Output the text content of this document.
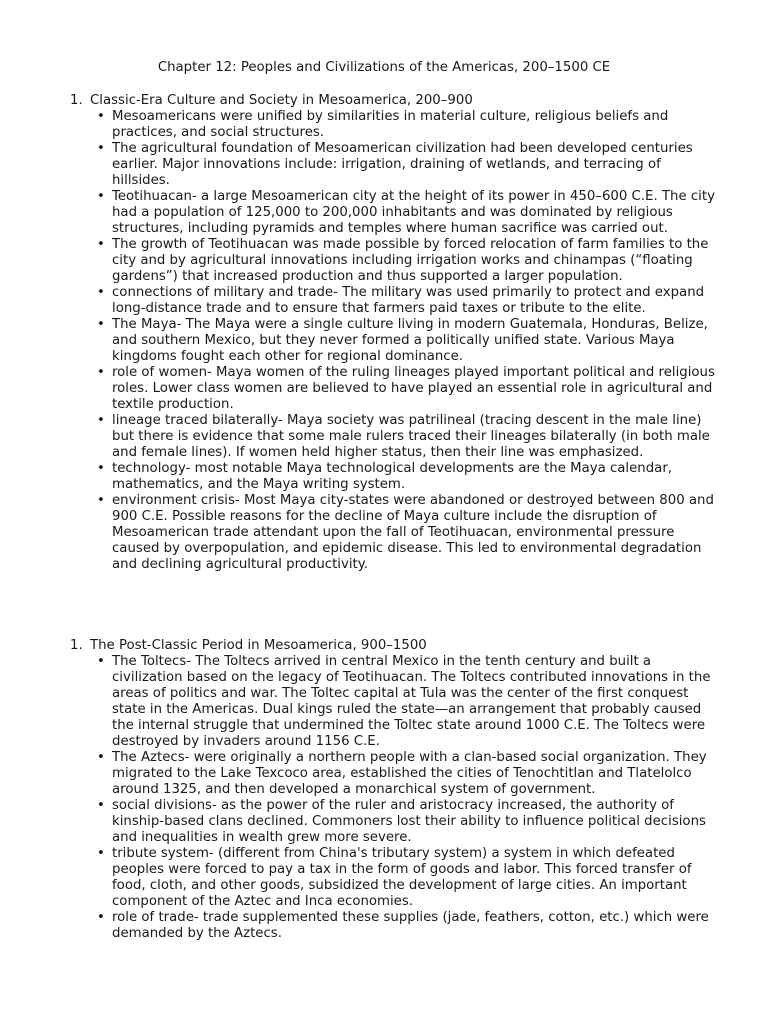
Chapter 12: Peoples and Civilizations of the Americas, 200–1500 CE
1. Classic-Era Culture and Society in Mesoamerica, 200–900
• Mesoamericans were unified by similarities in material culture, religious beliefs and practices, and social structures.
• The agricultural foundation of Mesoamerican civilization had been developed centuries earlier. Major innovations include: irrigation, draining of wetlands, and terracing of hillsides.
• Teotihuacan- a large Mesoamerican city at the height of its power in 450–600 C.E. The city had a population of 125,000 to 200,000 inhabitants and was dominated by religious structures, including pyramids and temples where human sacrifice was carried out.
• The growth of Teotihuacan was made possible by forced relocation of farm families to the city and by agricultural innovations including irrigation works and chinampas (“floating gardens”) that increased production and thus supported a larger population.
• connections of military and trade- The military was used primarily to protect and expand long-distance trade and to ensure that farmers paid taxes or tribute to the elite.
• The Maya- The Maya were a single culture living in modern Guatemala, Honduras, Belize, and southern Mexico, but they never formed a politically unified state. Various Maya kingdoms fought each other for regional dominance.
• role of women- Maya women of the ruling lineages played important political and religious roles. Lower class women are believed to have played an essential role in agricultural and textile production.
• lineage traced bilaterally- Maya society was patrilineal (tracing descent in the male line) but there is evidence that some male rulers traced their lineages bilaterally (in both male and female lines). If women held higher status, then their line was emphasized.
• technology- most notable Maya technological developments are the Maya calendar, mathematics, and the Maya writing system.
• environment crisis- Most Maya city-states were abandoned or destroyed between 800 and 900 C.E. Possible reasons for the decline of Maya culture include the disruption of Mesoamerican trade attendant upon the fall of Teotihuacan, environmental pressure caused by overpopulation, and epidemic disease. This led to environmental degradation and declining agricultural productivity.
1. The Post-Classic Period in Mesoamerica, 900–1500
• The Toltecs- The Toltecs arrived in central Mexico in the tenth century and built a civilization based on the legacy of Teotihuacan. The Toltecs contributed innovations in the areas of politics and war. The Toltec capital at Tula was the center of the first conquest state in the Americas. Dual kings ruled the state—an arrangement that probably caused the internal struggle that undermined the Toltec state around 1000 C.E. The Toltecs were destroyed by invaders around 1156 C.E.
• The Aztecs- were originally a northern people with a clan-based social organization. They migrated to the Lake Texcoco area, established the cities of Tenochtitlan and Tlatelolco around 1325, and then developed a monarchical system of government.
• social divisions- as the power of the ruler and aristocracy increased, the authority of kinship-based clans declined. Commoners lost their ability to influence political decisions and inequalities in wealth grew more severe.
• tribute system- (different from China's tributary system) a system in which defeated peoples were forced to pay a tax in the form of goods and labor. This forced transfer of food, cloth, and other goods, subsidized the development of large cities. An important component of the Aztec and Inca economies.
• role of trade- trade supplemented these supplies (jade, feathers, cotton, etc.) which were demanded by the Aztecs.
